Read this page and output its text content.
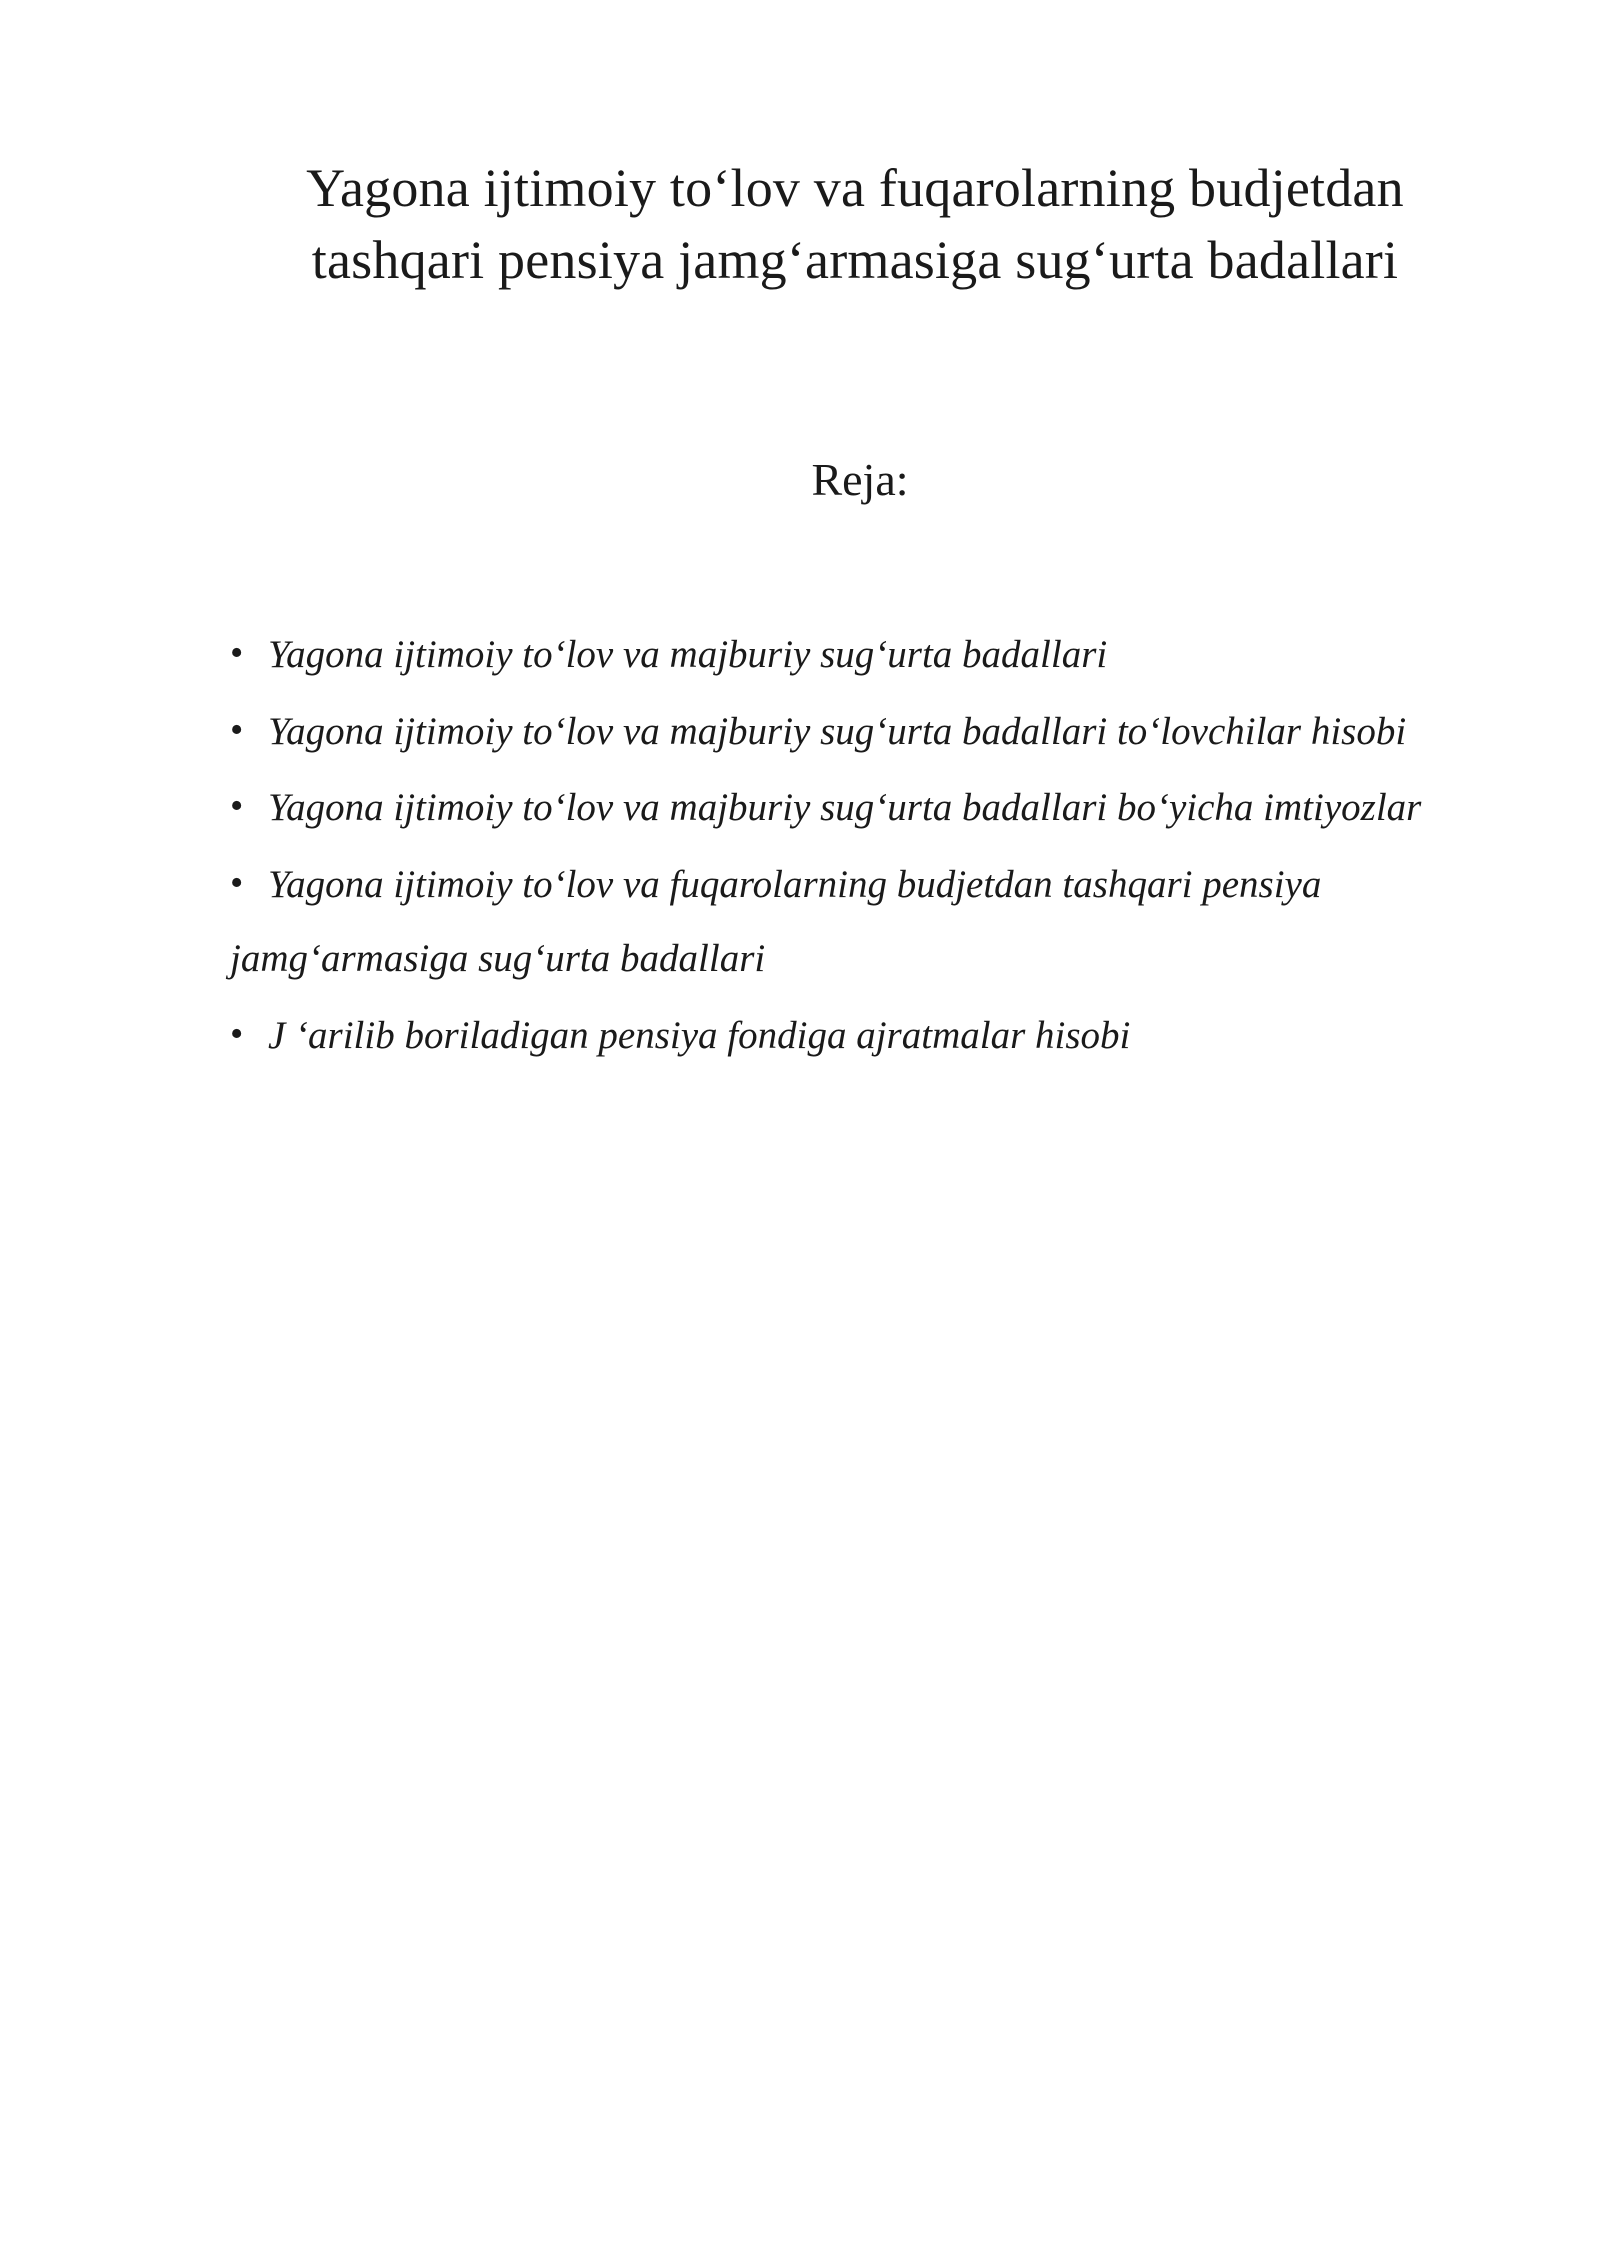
Yagona ijtimoiy to‘lov va fuqarolarning budjetdan
tashqari pensiya jamg‘armasiga sug‘urta badallari

Reja:

• Yagona ijtimoiy to‘lov va majburiy sug‘urta badallari
• Yagona ijtimoiy to‘lov va majburiy sug‘urta badallari to‘lovchilar hisobi
• Yagona ijtimoiy to‘lov va majburiy sug‘urta badallari bo‘yicha imtiyozlar
• Yagona ijtimoiy to‘lov va fuqarolarning budjetdan tashqari pensiya jamg‘armasiga sug‘urta badallari
• J ‘arilib boriladigan pensiya fondiga ajratmalar hisobi
